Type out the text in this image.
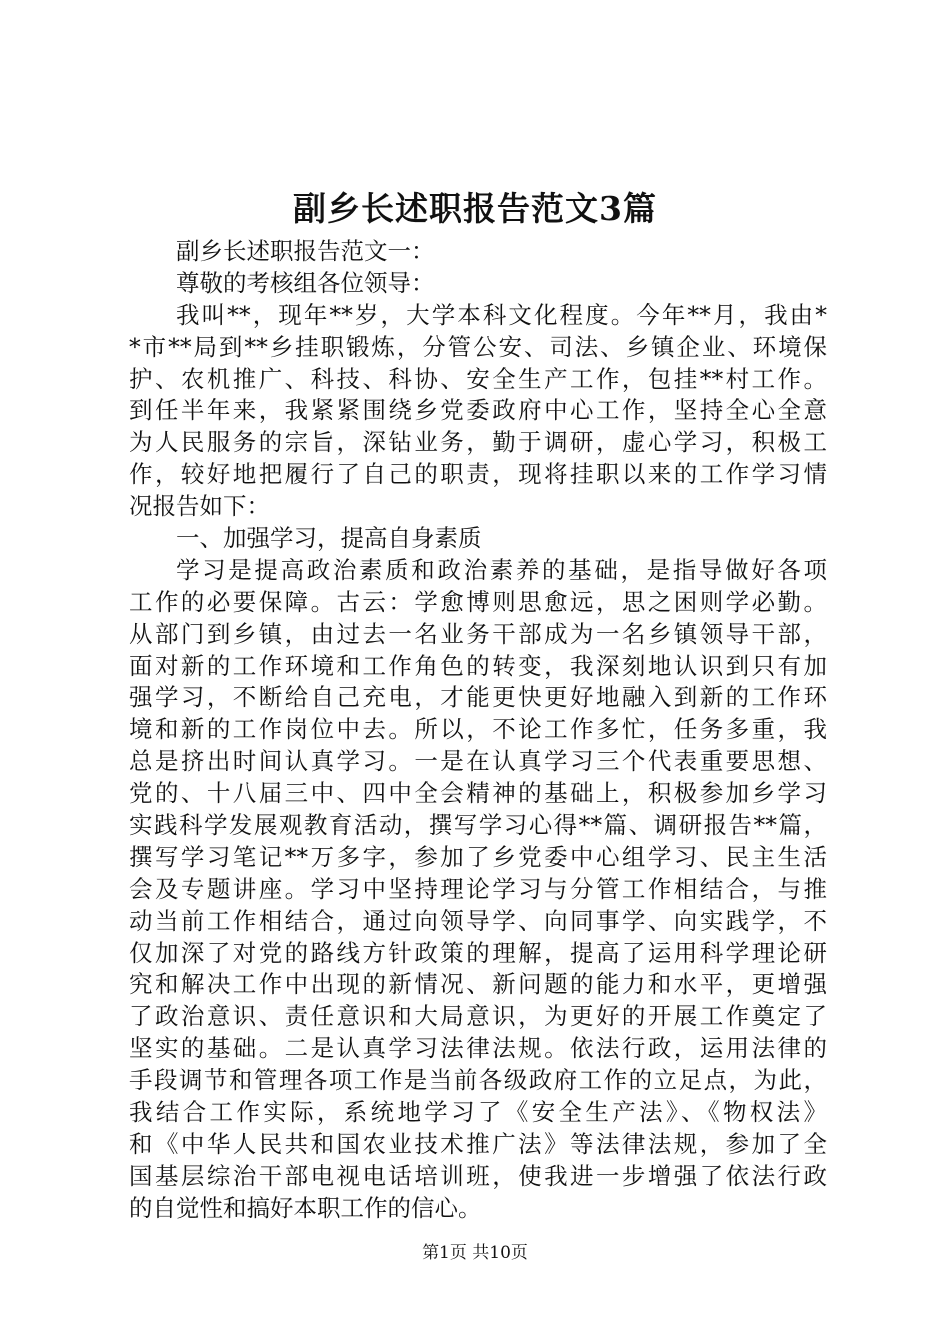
副乡长述职报告范文3篇
副乡长述职报告范文一：
尊敬的考核组各位领导：
我叫**，现年**岁，大学本科文化程度。今年**月，我由*
*市**局到**乡挂职锻炼，分管公安、司法、乡镇企业、环境保
护、农机推广、科技、科协、安全生产工作，包挂**村工作。
到任半年来，我紧紧围绕乡党委政府中心工作，坚持全心全意
为人民服务的宗旨，深钻业务，勤于调研，虚心学习，积极工
作，较好地把履行了自己的职责，现将挂职以来的工作学习情
况报告如下：
一、加强学习，提高自身素质
学习是提高政治素质和政治素养的基础，是指导做好各项
工作的必要保障。古云：学愈博则思愈远，思之困则学必勤。
从部门到乡镇，由过去一名业务干部成为一名乡镇领导干部，
面对新的工作环境和工作角色的转变，我深刻地认识到只有加
强学习，不断给自己充电，才能更快更好地融入到新的工作环
境和新的工作岗位中去。所以，不论工作多忙，任务多重，我
总是挤出时间认真学习。一是在认真学习三个代表重要思想、
党的、十八届三中、四中全会精神的基础上，积极参加乡学习
实践科学发展观教育活动，撰写学习心得**篇、调研报告**篇，
撰写学习笔记**万多字，参加了乡党委中心组学习、民主生活
会及专题讲座。学习中坚持理论学习与分管工作相结合，与推
动当前工作相结合，通过向领导学、向同事学、向实践学，不
仅加深了对党的路线方针政策的理解，提高了运用科学理论研
究和解决工作中出现的新情况、新问题的能力和水平，更增强
了政治意识、责任意识和大局意识，为更好的开展工作奠定了
坚实的基础。二是认真学习法律法规。依法行政，运用法律的
手段调节和管理各项工作是当前各级政府工作的立足点，为此，
我结合工作实际，系统地学习了《安全生产法》、《物权法》
和《中华人民共和国农业技术推广法》等法律法规，参加了全
国基层综治干部电视电话培训班，使我进一步增强了依法行政
的自觉性和搞好本职工作的信心。
第1页 共10页
